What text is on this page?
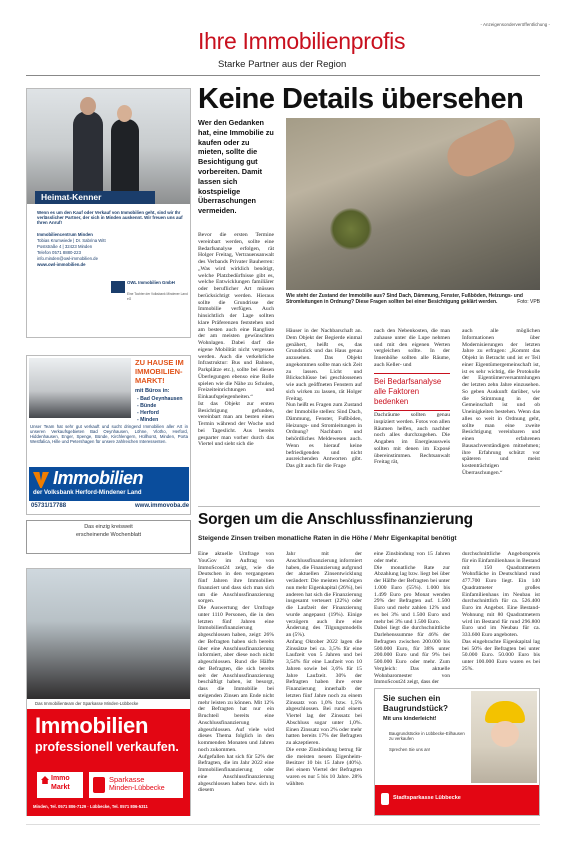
- Anzeigensonderveröffentlichung -
Ihre Immobilienprofis
Starke Partner aus der Region
Heimat-Kenner
Wenn es um den Kauf oder Verkauf von Immobilien geht, sind wir Ihr verlässlicher Partner, der sich in Minden auskennt. Wir freuen uns auf Ihren Anruf!
Immobiliencentrum Minden
Tobias Krumwiede | Dr. Sabrina Witt
Poststraße 4 | 32423 Minden
Telefon 0571 8880-223
info.minden@owl-immobilien.de
www.owl-immobilien.de
OWL Immobilien GmbH
Eine Tochter der Volksbank Mindener Land eG
ZU HAUSE IM
IMMOBILIEN-
MARKT!
mit Büros in:
- Bad Oeynhausen
- Bünde
- Herford
- Minden
Unser Team hat sehr gut verkauft und sucht dringend Immobilien aller Art in unseren Verkaufsgebieten Bad Oeynhausen, Löhne, Vlotho, Herford, Hiddenhausen, Enger, Spenge, Bünde, Kirchlengern, Hüllhorst, Minden, Porta Westfalica, Hille und Petershagen für unsere zahlreichen Interessenten.
Immobilien
der Volksbank Herford-Mindener Land
05731/17788	www.immovoba.de
Das einzig kreisweit
erscheinende Wochenblatt
Das Immobilienteam der Sparkasse Minden-Lübbecke
Immobilien
professionell verkaufen.
Immo
Markt
Sparkasse
Minden-Lübbecke
Minden, Tel. 0571 806-7129 · Lübbecke, Tel. 0571 806-5311
Keine Details übersehen
Wer den Gedanken hat, eine Immobilie zu kaufen oder zu mieten, sollte die Besichtigung gut vorbereiten. Damit lassen sich kostspielige Überraschungen vermeiden.
Wie steht der Zustand der Immobilie aus? Sind Dach, Dämmung, Fenster, Fußböden, Heizungs- und Stromleitungen in Ordnung? Diese Fragen sollten bei einer Besichtigung geklärt werden.	Foto: VPB
Bevor die ersten Termine vereinbart werden, sollte eine Bedarfsanalyse erfolgen, rät Holger Freitag, Vertrauensanwalt des Verbands Privater Bauherren: „Was wird wirklich benötigt, welche Platzbedürfnisse gibt es, welche Entwicklungen familiärer oder beruflicher Art müssen berücksichtigt werden. Hieraus sollte die Grundrisse der Immobilie verfügen. Auch hinsichtlich der Lage sollten klare Präferenzen feststehen und am besten auch eine Rangliste der am meisten gewünschten Wohnlagen. Dabei darf die eigene Mobilität nicht vergessen werden. Auch die verkehrliche Infrastruktur: Bus und Bahnen, Parkplätze etc.), sollte bei diesen Überlegungen ebenso eine Rolle spielen wie die Nähe zu Schulen, Freizeiteinrichtungen und Einkaufsgelegenheiten.“
Ist das Objekt zur ersten Besichtigung gefunden, vereinbart man am besten einen Termin während der Woche und bei Tageslicht. Aus bereits gesparter man vorher durch das Viertel und sieht sich die
Häuser in der Nachbarschaft an. Dem Objekt der Begierde einmal genähert, heißt es, das Grundstück und das Haus genau anzusehen. Das Objekt angekommen sollte man sich Zeit zu lassen. Licht und Blickschlüsse bei geschlossenen wie auch geöffneten Fenstern auf sich wirken zu lassen, rät Holger Freitag.
Nun heißt es Fragen zum Zustand der Immobilie stellen: Sind Dach, Dämmung, Fenster, Fußböden, Heizungs- und Stromleitungen in Ordnung? Nachbarn und behördliches Meldewesen auch. Wenn es hierauf keine befriedigenden und nicht ausreichenden Antworten gibt. Das gilt auch für die Frage
nach den Nebenkosten, die man zuhause unter die Lupe nehmen und mit den eigenen Werten vergleichen sollte. In der Innenhöhe sollten alle Räume, auch Keller- und
Bei Bedarfsanalyse alle Faktoren bedenken
Dachräume sollten genau inspiziert werden. Fotos von allen Räumen helfen, auch nachher noch alles durchzugehen. Die Angaben im Energieausweis sollten mit denen im Exposé übereinstimmen. Rechtsanwalt Freitag rät,
auch alle möglichen Informationen über Modernisierungen der letzten Jahre zu erfragen: „Kommt das Objekt in Betracht und ist er Teil einer Eigentümergemeinschaft ist, ist es sehr wichtig, die Protokolle der Eigentümerversammlungen der letzten zehn Jahre einzusehen. So geben Auskunft darüber, wie die Stimmung in der Gemeinschaft ist und ob Uneinigkeiten bestehen. Wenn das alles so weit in Ordnung geht, sollte man eine zweite Besichtigung vereinbaren und einen erfahrenen Bausachverständigen mitnehmen; ihre Erfahrung schützt vor späteren und meist kostenträchtigen Überraschungen.“
Sorgen um die Anschlussfinanzierung
Steigende Zinsen treiben monatliche Raten in die Höhe / Mehr Eigenkapital benötigt
Eine aktuelle Umfrage von YouGov im Auftrag von ImmoScout24 zeigt, wie die Deutschen in den vergangenen fünf Jahren ihre Immobilien finanziert und dass sich man sich um die Anschlussfinanzierung sorgen.
Die Auswertung der Umfrage unter 1110 Personen, die in den letzten fünf Jahren eine Immobilienfinanzierung abgeschlossen haben, zeigt: 26% der Befragten haben sich bereits über eine Anschlussfinanzierung informiert, aber diese noch nicht abgeschlossen. Rund die Hälfte der Befragten, die sich bereits seit der Anschlussfinanzierung beschäftigt haben, ist besorgt, dass die Immobilie bei steigenden Zinsen am Ende nicht mehr leisten zu können. Mit 12% der Befragten hat nur ein Bruchteil bereits eine Anschlussfinanzierung abgeschlossen. Auf viele wird dieses Thema folglich in den kommenden Monaten und Jahren noch zukommen.
Aufgefallen hat sich für 52% der Befragten, die im Jahr 2022 eine Immobilienfinanzierung oder eine Anschlussfinanzierung abgeschlossen haben bzw. sich in diesem
Jahr mit der Anschlussfinanzierung informiert haben, die Finanzierung aufgrund der aktuellen Zinsentwicklung verändert: Die meisten benötigen nun mehr Eigenkapital (26%), bei anderen hat sich die Finanzierung insgesamt verteuert (22%) oder die Laufzeit der Finanzierung wurde angepasst (19%). Einige verzögern auch ihre eine Änderung des Tilgungsmodells an (5%).
Anfang Oktober 2022 lagen die Zinssätze bei ca. 3,5% für eine Laufzeit von 5 Jahren und bei 3,54% für eine Laufzeit von 10 Jahren sowie bei 3,6% für 15 Jahre Laufzeit. 30% der Befragten haben ihre erste Finanzierung innerhalb der letzten fünf Jahre noch zu einem Zinssatz von 1,0% bzw. 1,5% abgeschlossen. Bei rund einem Viertel lag der Zinssatz bei Abschluss sogar unter 1,0%. Einen Zinssatz von 2% oder mehr hatten bereits 17% der Befragten zu akzeptieren.
Die erste Zinsbindung betrug für die meisten neuen Eigenheim-Besitzer 10 bis 15 Jahre (40%). Bei einem Viertel der Befragten waren es nur 5 bis 10 Jahre. 28% wählten
eine Zinsbindung von 15 Jahren oder mehr.
Die monatliche Rate zur Abzahlung lag bzw. liegt bei über der Hälfte der Befragten bei unter 1.000 Euro (55%). 1.000 bis 1.499 Euro pro Monat wenden 29% der Befragten auf. 1.500 Euro und mehr zahlen 12% und es bei 3% und 1.500 Euro und mehr bei 3% und 1.500 Euro.
Dabei liegt die durchschnittliche Darlehenssumme für 46% der Befragten zwischen 200.000 bis 500.000 Euro, für 38% unter 200.000 Euro und für 9% bei 500.000 Euro oder mehr. Zum Vergleich: Das aktuelle Wohnbaromester von ImmoScout24 zeigt, dass der
durchschnittliche Angebotspreis für ein Einfamilienhaus in Bestand mit 150 Quadratmetern Wohnfläche in Deutschland rund 477.700 Euro liegt. Ein 140 Quadratmeter großes Einfamilienhaus im Neubau ist durchschnittlich für ca. 526.400 Euro im Angebot. Eine Bestand-Wohnung mit 80 Quadratmetern wird im Bestand für rund 296.800 Euro und im Neubau für ca. 333.600 Euro angeboten.
Das eingebrachte Eigenkapital lag bei 50% der Befragten bei unter 50.000 Euro. 50.000 Euro bis unter 100.000 Euro waren es bei 25%.
Sie suchen ein Baugrundstück?
Mit uns kinderleicht!
Baugrundstücke in Lübbecke-Eilhausen zu verkaufen
Sprechen Sie uns an!
Stadtsparkasse Lübbecke
